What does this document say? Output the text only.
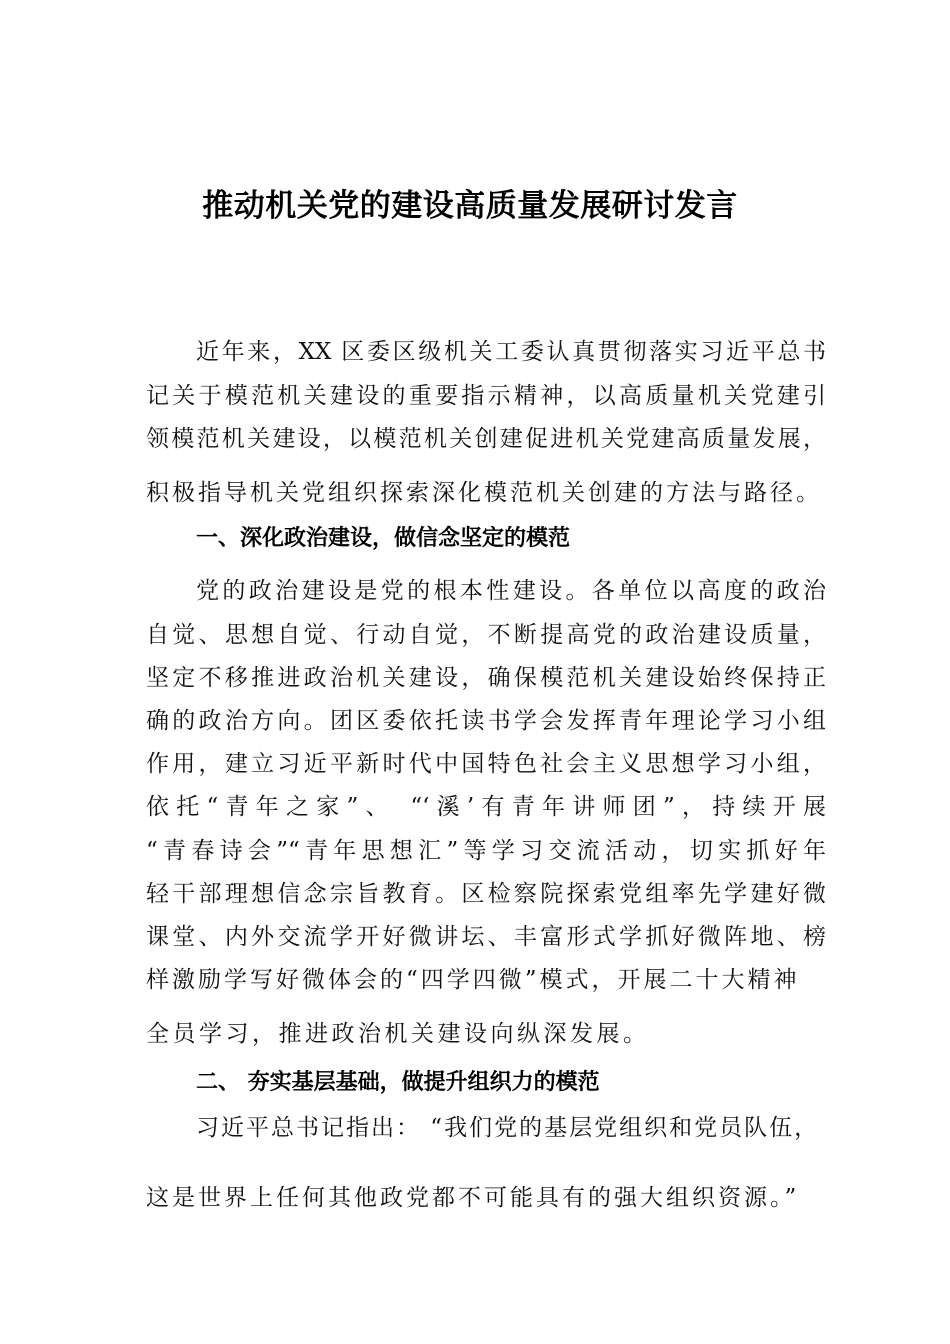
推动机关党的建设高质量发展研讨发言
近年来，XX 区委区级机关工委认真贯彻落实习近平总书
记关于模范机关建设的重要指示精神，以高质量机关党建引
领模范机关建设，以模范机关创建促进机关党建高质量发展，
积极指导机关党组织探索深化模范机关创建的方法与路径。
一、深化政治建设，做信念坚定的模范
党的政治建设是党的根本性建设。各单位以高度的政治
自觉、思想自觉、行动自觉，不断提高党的政治建设质量，
坚定不移推进政治机关建设，确保模范机关建设始终保持正
确的政治方向。团区委依托读书学会发挥青年理论学习小组
作用，建立习近平新时代中国特色社会主义思想学习小组，
依托“青年之家”、 “‘溪’有青年讲师团”，持续开展
“青春诗会”“青年思想汇”等学习交流活动，切实抓好年
轻干部理想信念宗旨教育。区检察院探索党组率先学建好微
课堂、内外交流学开好微讲坛、丰富形式学抓好微阵地、榜
样激励学写好微体会的“四学四微”模式，开展二十大精神
全员学习，推进政治机关建设向纵深发展。
二、 夯实基层基础，做提升组织力的模范
习近平总书记指出： “我们党的基层党组织和党员队伍，
这是世界上任何其他政党都不可能具有的强大组织资源。”
